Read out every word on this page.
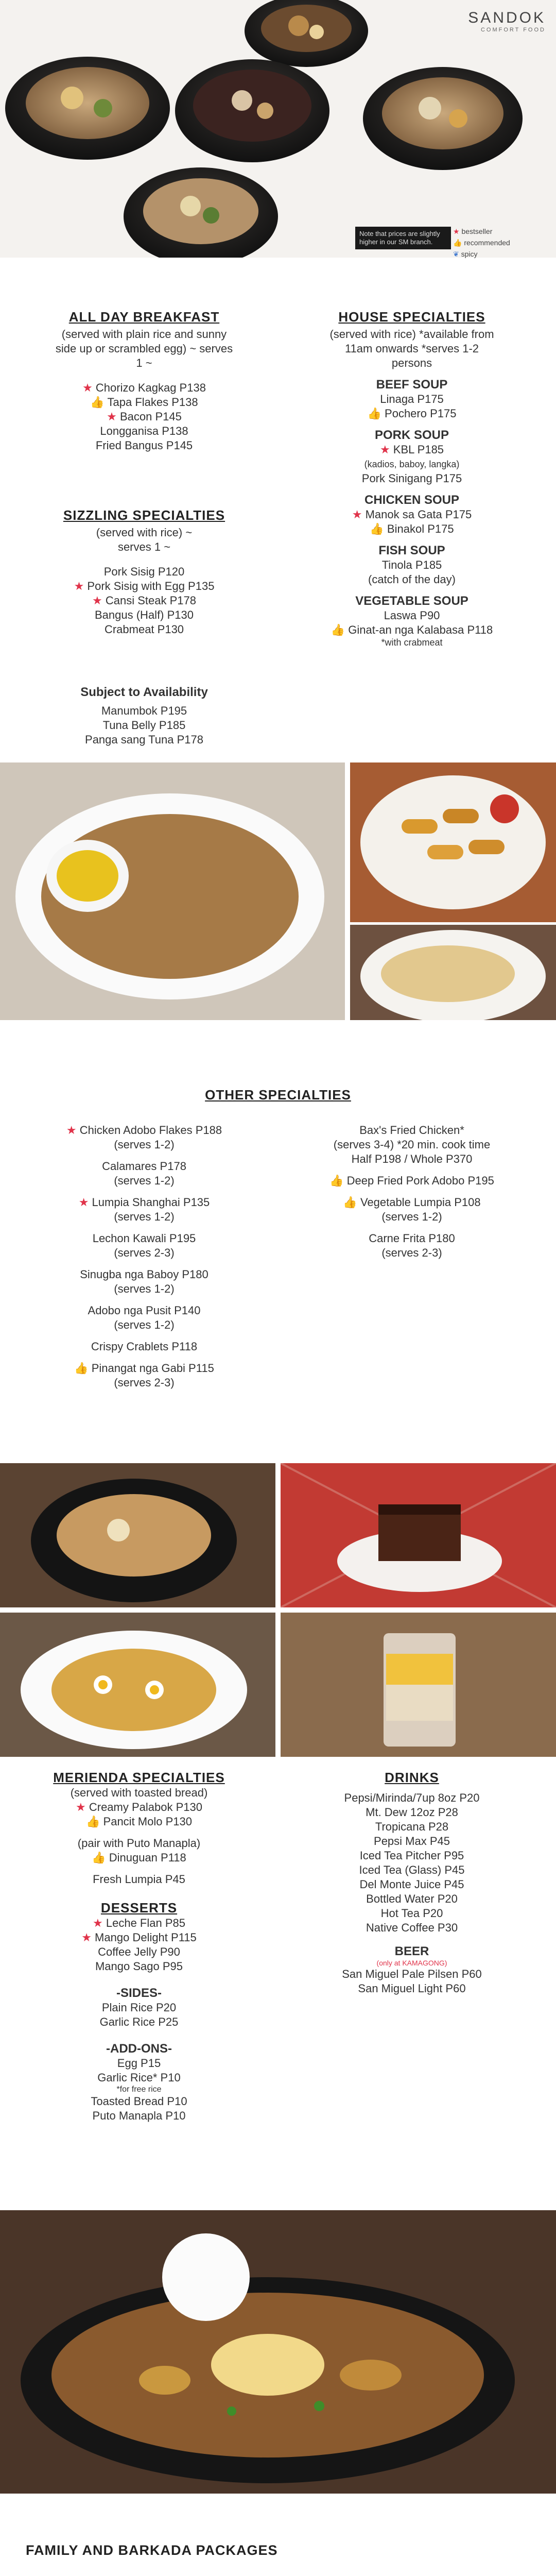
SANDOK
COMFORT FOOD
Note that prices are slightly higher in our SM branch.
★ bestseller
👍 recommended
❦ spicy
ALL DAY BREAKFAST
(served with plain rice and sunny side up or scrambled egg) ~ serves 1 ~
★ Chorizo Kagkag P138
👍 Tapa Flakes P138
★ Bacon P145
Longganisa P138
Fried Bangus P145
SIZZLING SPECIALTIES
(served with rice) ~ serves 1 ~
Pork Sisig P120
★ Pork Sisig with Egg P135
★ Cansi Steak P178
Bangus (Half) P130
Crabmeat P130
Subject to Availability
Manumbok P195
Tuna Belly P185
Panga sang Tuna P178
HOUSE SPECIALTIES
(served with rice) *available from 11am onwards *serves 1-2 persons
BEEF SOUP
Linaga P175
👍 Pochero P175
PORK SOUP
★ KBL P185
(kadios, baboy, langka)
Pork Sinigang P175
CHICKEN SOUP
★ Manok sa Gata P175
👍 Binakol P175
FISH SOUP
Tinola P185
(catch of the day)
VEGETABLE SOUP
Laswa P90
👍 Ginat-an nga Kalabasa P118
*with crabmeat
OTHER SPECIALTIES
★ Chicken Adobo Flakes P188
(serves 1-2)
Calamares P178
(serves 1-2)
★ Lumpia Shanghai P135
(serves 1-2)
Lechon Kawali P195
(serves 2-3)
Sinugba nga Baboy P180
(serves 1-2)
Adobo nga Pusit P140
(serves 1-2)
Crispy Crablets P118
👍 Pinangat nga Gabi P115
(serves 2-3)
Bax's Fried Chicken*
(serves 3-4) *20 min. cook time
Half P198 / Whole P370
👍 Deep Fried Pork Adobo P195
👍 Vegetable Lumpia P108
(serves 1-2)
Carne Frita P180
(serves 2-3)
MERIENDA SPECIALTIES
(served with toasted bread)
★ Creamy Palabok P130
👍 Pancit Molo P130
(pair with Puto Manapla)
👍 Dinuguan P118
Fresh Lumpia P45
DESSERTS
★ Leche Flan P85
★ Mango Delight P115
Coffee Jelly P90
Mango Sago P95
-SIDES-
Plain Rice P20
Garlic Rice P25
-ADD-ONS-
Egg P15
Garlic Rice* P10
*for free rice
Toasted Bread P10
Puto Manapla P10
DRINKS
Pepsi/Mirinda/7up 8oz P20
Mt. Dew 12oz P28
Tropicana P28
Pepsi Max P45
Iced Tea Pitcher P95
Iced Tea (Glass) P45
Del Monte Juice P45
Bottled Water P20
Hot Tea P20
Native Coffee P30
BEER
(only at KAMAGONG)
San Miguel Pale Pilsen P60
San Miguel Light P60
FAMILY AND BARKADA PACKAGES
